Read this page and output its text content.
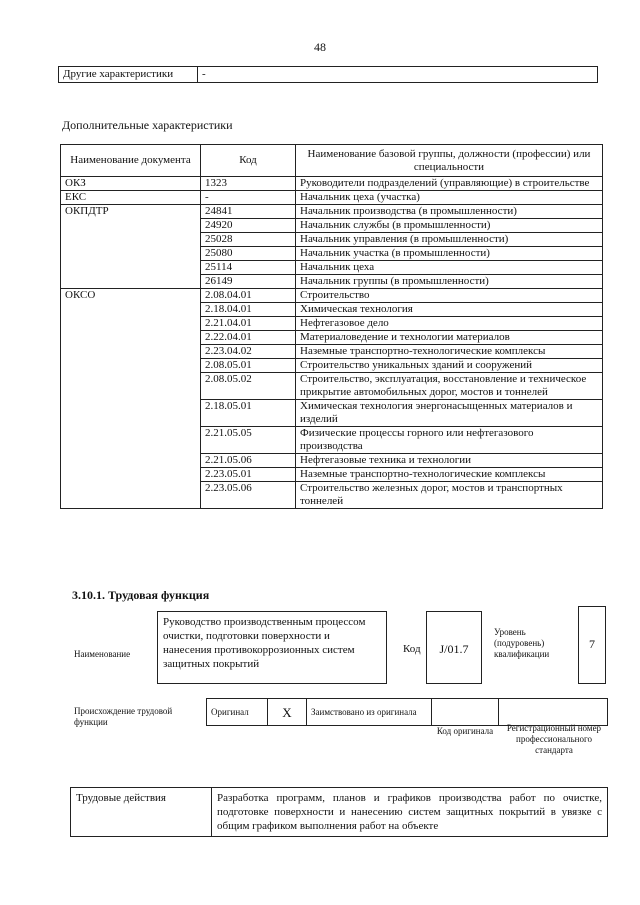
48
Другие характеристики	-
Дополнительные характеристики
Наименование документа	Код	Наименование базовой группы, должности (профессии) или специальности
ОКЗ	1323	Руководители подразделений (управляющие) в строительстве
ЕКС	-	Начальник цеха (участка)
ОКПДТР	24841	Начальник производства (в промышленности)
	24920	Начальник службы (в промышленности)
	25028	Начальник управления (в промышленности)
	25080	Начальник участка (в промышленности)
	25114	Начальник цеха
	26149	Начальник группы (в промышленности)
ОКСО	2.08.04.01	Строительство
	2.18.04.01	Химическая технология
	2.21.04.01	Нефтегазовое дело
	2.22.04.01	Материаловедение и технологии материалов
	2.23.04.02	Наземные транспортно-технологические комплексы
	2.08.05.01	Строительство уникальных зданий и сооружений
	2.08.05.02	Строительство, эксплуатация, восстановление и техническое прикрытие автомобильных дорог, мостов и тоннелей
	2.18.05.01	Химическая технология энергонасыщенных материалов и изделий
	2.21.05.05	Физические процессы горного или нефтегазового производства
	2.21.05.06	Нефтегазовые техника и технологии
	2.23.05.01	Наземные транспортно-технологические комплексы
	2.23.05.06	Строительство железных дорог, мостов и транспортных тоннелей
3.10.1. Трудовая функция
Наименование
Руководство производственным процессом очистки, подготовки поверхности и нанесения противокоррозионных систем защитных покрытий
Код	J/01.7
Уровень (подуровень) квалификации
7
Происхождение трудовой функции
Оригинал	X	Заимствовано из оригинала		
Код оригинала	Регистрационный номер профессионального стандарта
Трудовые действия	Разработка программ, планов и графиков производства работ по очистке, подготовке поверхности и нанесению систем защитных покрытий в увязке с общим графиком выполнения работ на объекте
